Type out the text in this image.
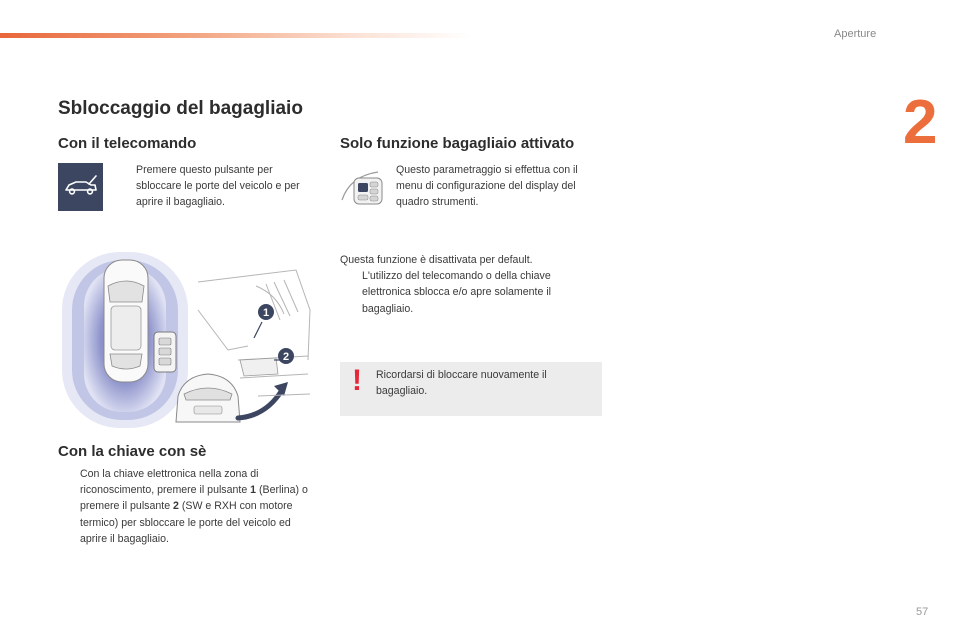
Aperture
2
Sbloccaggio del bagagliaio
Con il telecomando
Premere questo pulsante per sbloccare le porte del veicolo e per aprire il bagagliaio.
1
2
Con la chiave con sè
Con la chiave elettronica nella zona di riconoscimento, premere il pulsante 1 (Berlina) o premere il pulsante 2 (SW e RXH con motore termico) per sbloccare le porte del veicolo ed aprire il bagagliaio.
Solo funzione bagagliaio attivato
Questo parametraggio si effettua con il menu di configurazione del display del quadro strumenti.
Questa funzione è disattivata per default.
L'utilizzo del telecomando o della chiave elettronica sblocca e/o apre solamente il bagagliaio.
! Ricordarsi di bloccare nuovamente il bagagliaio.
57
